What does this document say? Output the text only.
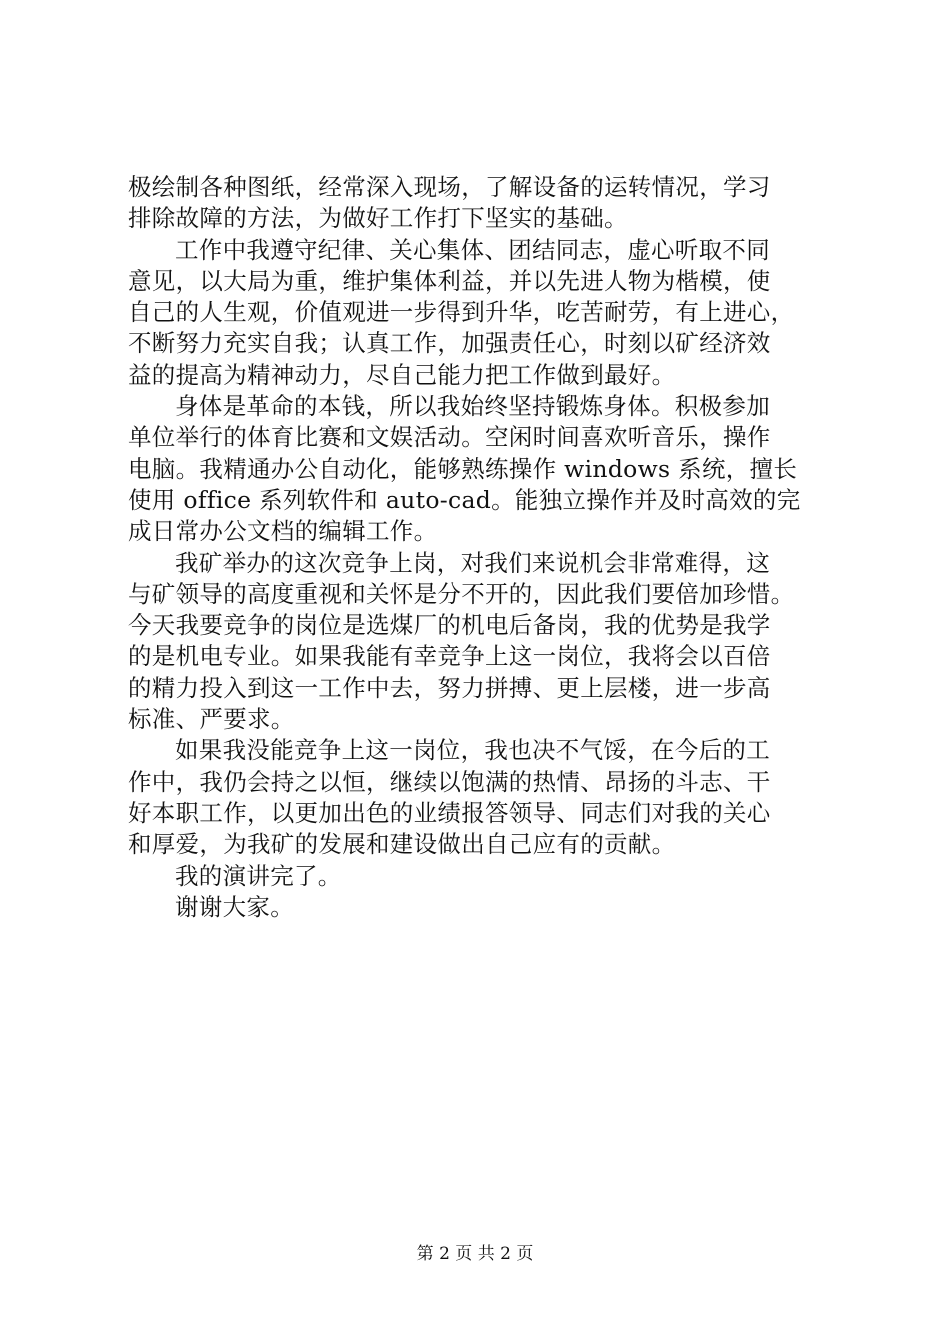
极绘制各种图纸，经常深入现场，了解设备的运转情况，学习
排除故障的方法，为做好工作打下坚实的基础。
工作中我遵守纪律、关心集体、团结同志，虚心听取不同
意见，以大局为重，维护集体利益，并以先进人物为楷模，使
自己的人生观，价值观进一步得到升华，吃苦耐劳，有上进心，
不断努力充实自我；认真工作，加强责任心，时刻以矿经济效
益的提高为精神动力，尽自己能力把工作做到最好。
身体是革命的本钱，所以我始终坚持锻炼身体。积极参加
单位举行的体育比赛和文娱活动。空闲时间喜欢听音乐，操作
电脑。我精通办公自动化，能够熟练操作 windows 系统，擅长
使用 office 系列软件和 auto-cad。能独立操作并及时高效的完
成日常办公文档的编辑工作。
我矿举办的这次竞争上岗，对我们来说机会非常难得，这
与矿领导的高度重视和关怀是分不开的，因此我们要倍加珍惜。
今天我要竞争的岗位是选煤厂的机电后备岗，我的优势是我学
的是机电专业。如果我能有幸竞争上这一岗位，我将会以百倍
的精力投入到这一工作中去，努力拼搏、更上层楼，进一步高
标准、严要求。
如果我没能竞争上这一岗位，我也决不气馁，在今后的工
作中，我仍会持之以恒，继续以饱满的热情、昂扬的斗志、干
好本职工作，以更加出色的业绩报答领导、同志们对我的关心
和厚爱，为我矿的发展和建设做出自己应有的贡献。
我的演讲完了。
谢谢大家。
第 2 页 共 2 页
